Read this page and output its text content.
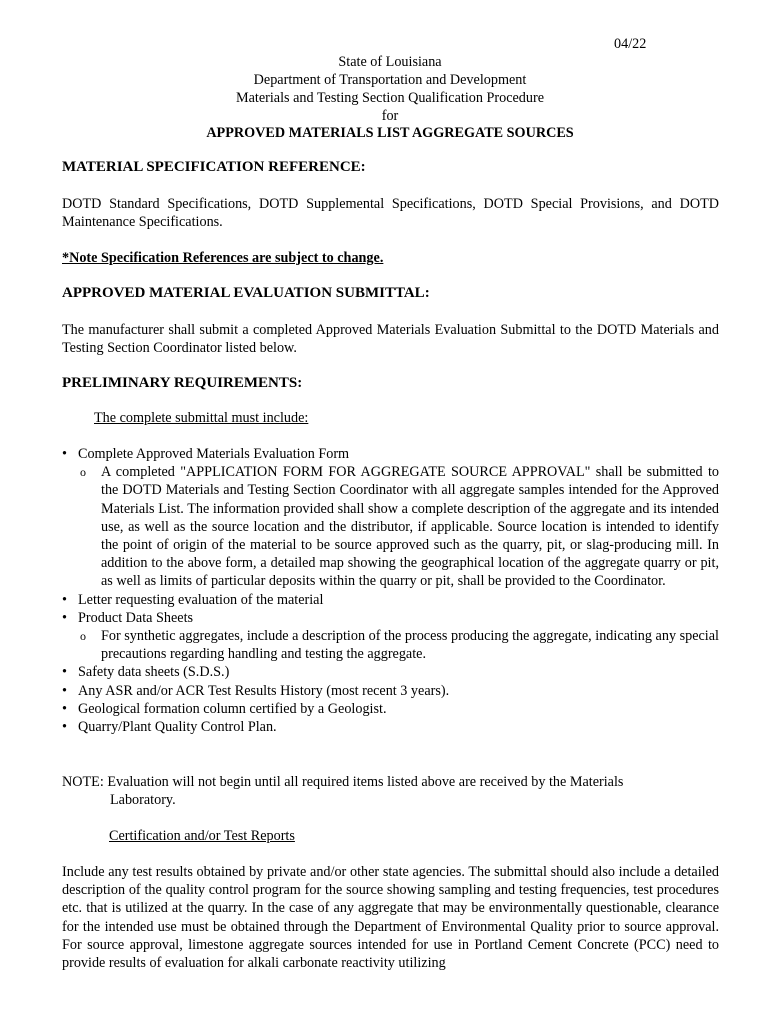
04/22
State of Louisiana
Department of Transportation and Development
Materials and Testing Section Qualification Procedure
for
APPROVED MATERIALS LIST AGGREGATE SOURCES
MATERIAL SPECIFICATION REFERENCE:
DOTD Standard Specifications, DOTD Supplemental Specifications, DOTD Special Provisions, and DOTD Maintenance Specifications.
*Note Specification References are subject to change.
APPROVED MATERIAL EVALUATION SUBMITTAL:
The manufacturer shall submit a completed Approved Materials Evaluation Submittal to the DOTD Materials and Testing Section Coordinator listed below.
PRELIMINARY REQUIREMENTS:
The complete submittal must include:
• Complete Approved Materials Evaluation Form
o A completed "APPLICATION FORM FOR AGGREGATE SOURCE APPROVAL" shall be submitted to the DOTD Materials and Testing Section Coordinator with all aggregate samples intended for the Approved Materials List. The information provided shall show a complete description of the aggregate and its intended use, as well as the source location and the distributor, if applicable. Source location is intended to identify the point of origin of the material to be source approved such as the quarry, pit, or slag-producing mill. In addition to the above form, a detailed map showing the geographical location of the aggregate quarry or pit, as well as limits of particular deposits within the quarry or pit, shall be provided to the Coordinator.
• Letter requesting evaluation of the material
• Product Data Sheets
o For synthetic aggregates, include a description of the process producing the aggregate, indicating any special precautions regarding handling and testing the aggregate.
• Safety data sheets (S.D.S.)
• Any ASR and/or ACR Test Results History (most recent 3 years).
• Geological formation column certified by a Geologist.
• Quarry/Plant Quality Control Plan.
NOTE: Evaluation will not begin until all required items listed above are received by the Materials
Laboratory.
Certification and/or Test Reports
Include any test results obtained by private and/or other state agencies. The submittal should also include a detailed description of the quality control program for the source showing sampling and testing frequencies, test procedures etc. that is utilized at the quarry. In the case of any aggregate that may be environmentally questionable, clearance for the intended use must be obtained through the Department of Environmental Quality prior to source approval. For source approval, limestone aggregate sources intended for use in Portland Cement Concrete (PCC) need to provide results of evaluation for alkali carbonate reactivity utilizing
